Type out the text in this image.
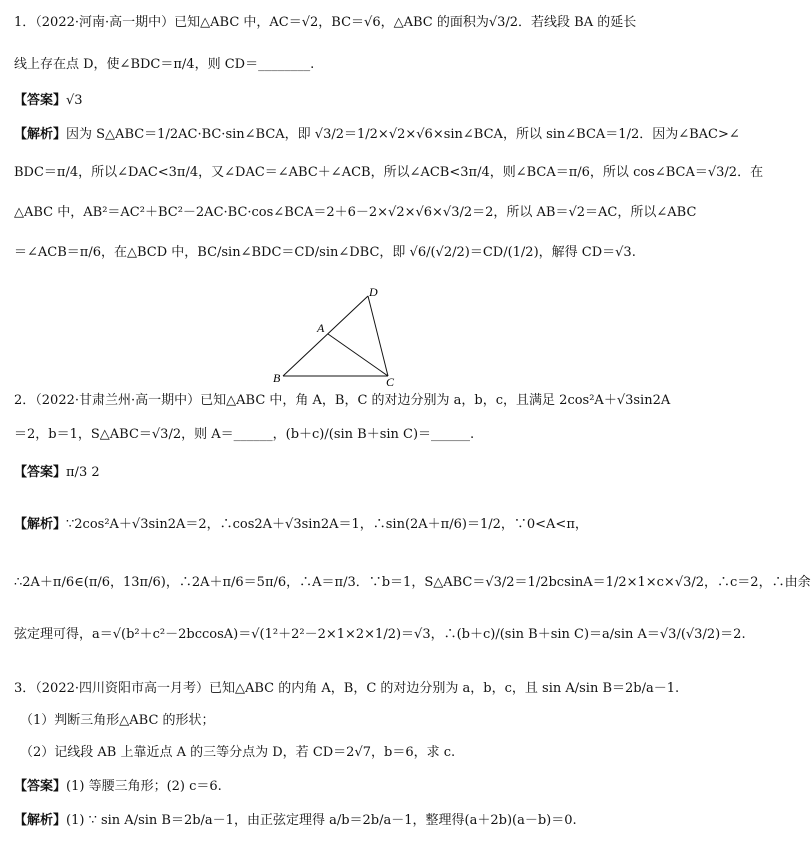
1．（2022·河南·高一期中）已知△ABC 中，AC＝√2，BC＝√6，△ABC 的面积为√3/2．若线段 BA 的延长
线上存在点 D，使∠BDC＝π/4，则 CD＝________.
【答案】√3
【解析】因为 S△ABC＝1/2AC·BC·sin∠BCA，即 √3/2＝1/2×√2×√6×sin∠BCA，所以 sin∠BCA＝1/2．因为∠BAC>∠
BDC＝π/4，所以∠DAC<3π/4，又∠DAC＝∠ABC＋∠ACB，所以∠ACB<3π/4，则∠BCA＝π/6，所以 cos∠BCA＝√3/2．在
△ABC 中，AB²＝AC²＋BC²－2AC·BC·cos∠BCA＝2＋6－2×√2×√6×√3/2＝2，所以 AB＝√2＝AC，所以∠ABC
＝∠ACB＝π/6，在△BCD 中，BC/sin∠BDC＝CD/sin∠DBC，即 √6/(√2/2)＝CD/(1/2)，解得 CD＝√3.
D
A
B	C
2．（2022·甘肃兰州·高一期中）已知△ABC 中，角 A，B，C 的对边分别为 a，b，c，且满足 2cos²A＋√3sin2A
＝2，b＝1，S△ABC＝√3/2，则 A＝______，(b＋c)/(sin B＋sin C)＝______.
【答案】π/3 2
【解析】∵2cos²A＋√3sin2A＝2，∴cos2A＋√3sin2A＝1，∴sin(2A＋π/6)＝1/2，∵0<A<π，
∴2A＋π/6∈(π/6，13π/6)，∴2A＋π/6＝5π/6，∴A＝π/3．∵b＝1，S△ABC＝√3/2＝1/2bcsinA＝1/2×1×c×√3/2，∴c＝2，∴由余
弦定理可得，a＝√(b²＋c²－2bccosA)＝√(1²＋2²－2×1×2×1/2)＝√3，∴(b＋c)/(sin B＋sin C)＝a/sin A＝√3/(√3/2)＝2.
3．（2022·四川资阳市高一月考）已知△ABC 的内角 A，B，C 的对边分别为 a，b，c，且 sin A/sin B＝2b/a－1.
（1）判断三角形△ABC 的形状；
（2）记线段 AB 上靠近点 A 的三等分点为 D，若 CD＝2√7，b＝6，求 c.
【答案】(1) 等腰三角形；(2) c＝6.
【解析】(1) ∵ sin A/sin B＝2b/a－1，由正弦定理得 a/b＝2b/a－1，整理得(a＋2b)(a－b)＝0.
